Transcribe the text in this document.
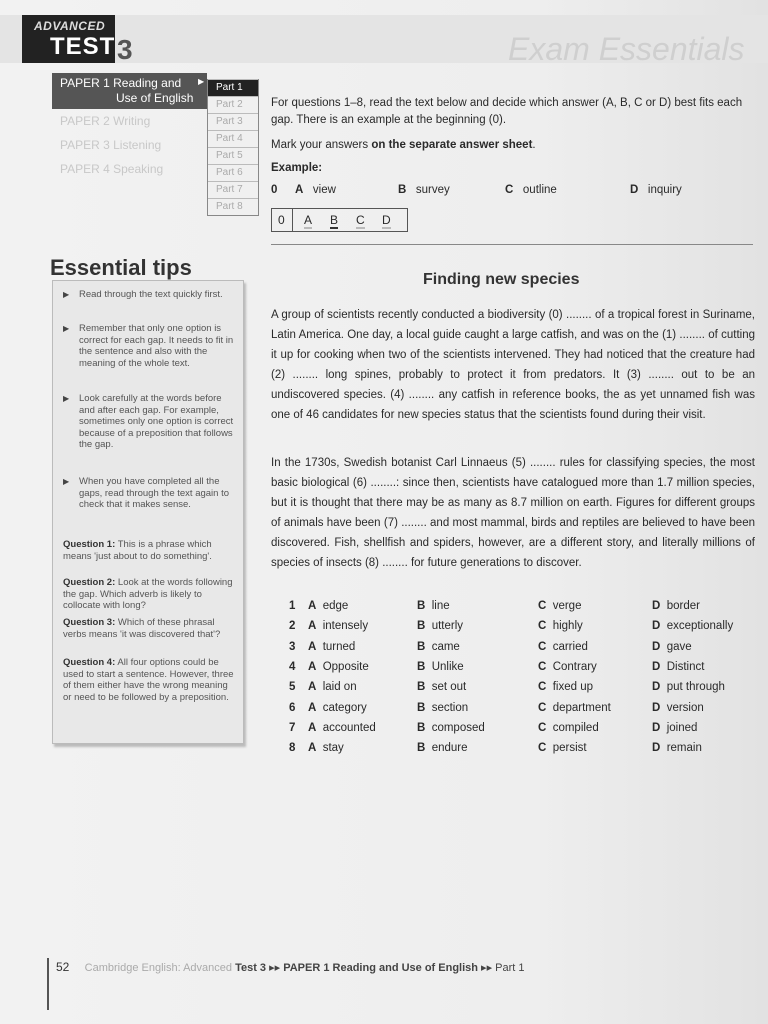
ADVANCED
TEST 3	Exam Essentials
PAPER 1 Reading and
Use of English
PAPER 2 Writing
PAPER 3 Listening
PAPER 4 Speaking
▶
Part 1
Part 2
Part 3
Part 4
Part 5
Part 6
Part 7
Part 8

For questions 1–8, read the text below and decide which answer (A, B, C or D) best fits each gap. There is an example at the beginning (0).

Mark your answers on the separate answer sheet.

Example:
0 A view	B survey	C outline	D inquiry
0 A B C D
Essential tips
▶ Read through the text quickly first.
▶ Remember that only one option is correct for each gap. It needs to fit in the sentence and also with the meaning of the whole text.
▶ Look carefully at the words before and after each gap. For example, sometimes only one option is correct because of a preposition that follows the gap.
▶ When you have completed all the gaps, read through the text again to check that it makes sense.
Question 1: This is a phrase which means 'just about to do something'.
Question 2: Look at the words following the gap. Which adverb is likely to collocate with long?
Question 3: Which of these phrasal verbs means 'it was discovered that'?
Question 4: All four options could be used to start a sentence. However, three of them either have the wrong meaning or need to be followed by a preposition.
Finding new species
A group of scientists recently conducted a biodiversity (0) ........ of a tropical forest in Suriname, Latin America. One day, a local guide caught a large catfish, and was on the (1) ........ of cutting it up for cooking when two of the scientists intervened. They had noticed that the creature had (2) ........ long spines, probably to protect it from predators. It (3) ........ out to be an undiscovered species. (4) ........ any catfish in reference books, the as yet unnamed fish was one of 46 candidates for new species status that the scientists found during their visit.
In the 1730s, Swedish botanist Carl Linnaeus (5) ........ rules for classifying species, the most basic biological (6) ........: since then, scientists have catalogued more than 1.7 million species, but it is thought that there may be as many as 8.7 million on earth. Figures for different groups of animals have been (7) ........ and most mammal, birds and reptiles are believed to have been discovered. Fish, shellfish and spiders, however, are a different story, and literally millions of species of insects (8) ........ for future generations to discover.
1 A edge	B line	C verge	D border
2 A intensely	B utterly	C highly	D exceptionally
3 A turned	B came	C carried	D gave
4 A Opposite	B Unlike	C Contrary	D Distinct
5 A laid on	B set out	C fixed up	D put through
6 A category	B section	C department	D version
7 A accounted	B composed	C compiled	D joined
8 A stay	B endure	C persist	D remain
52 Cambridge English: Advanced Test 3 ▸▸ PAPER 1 Reading and Use of English ▸▸ Part 1
